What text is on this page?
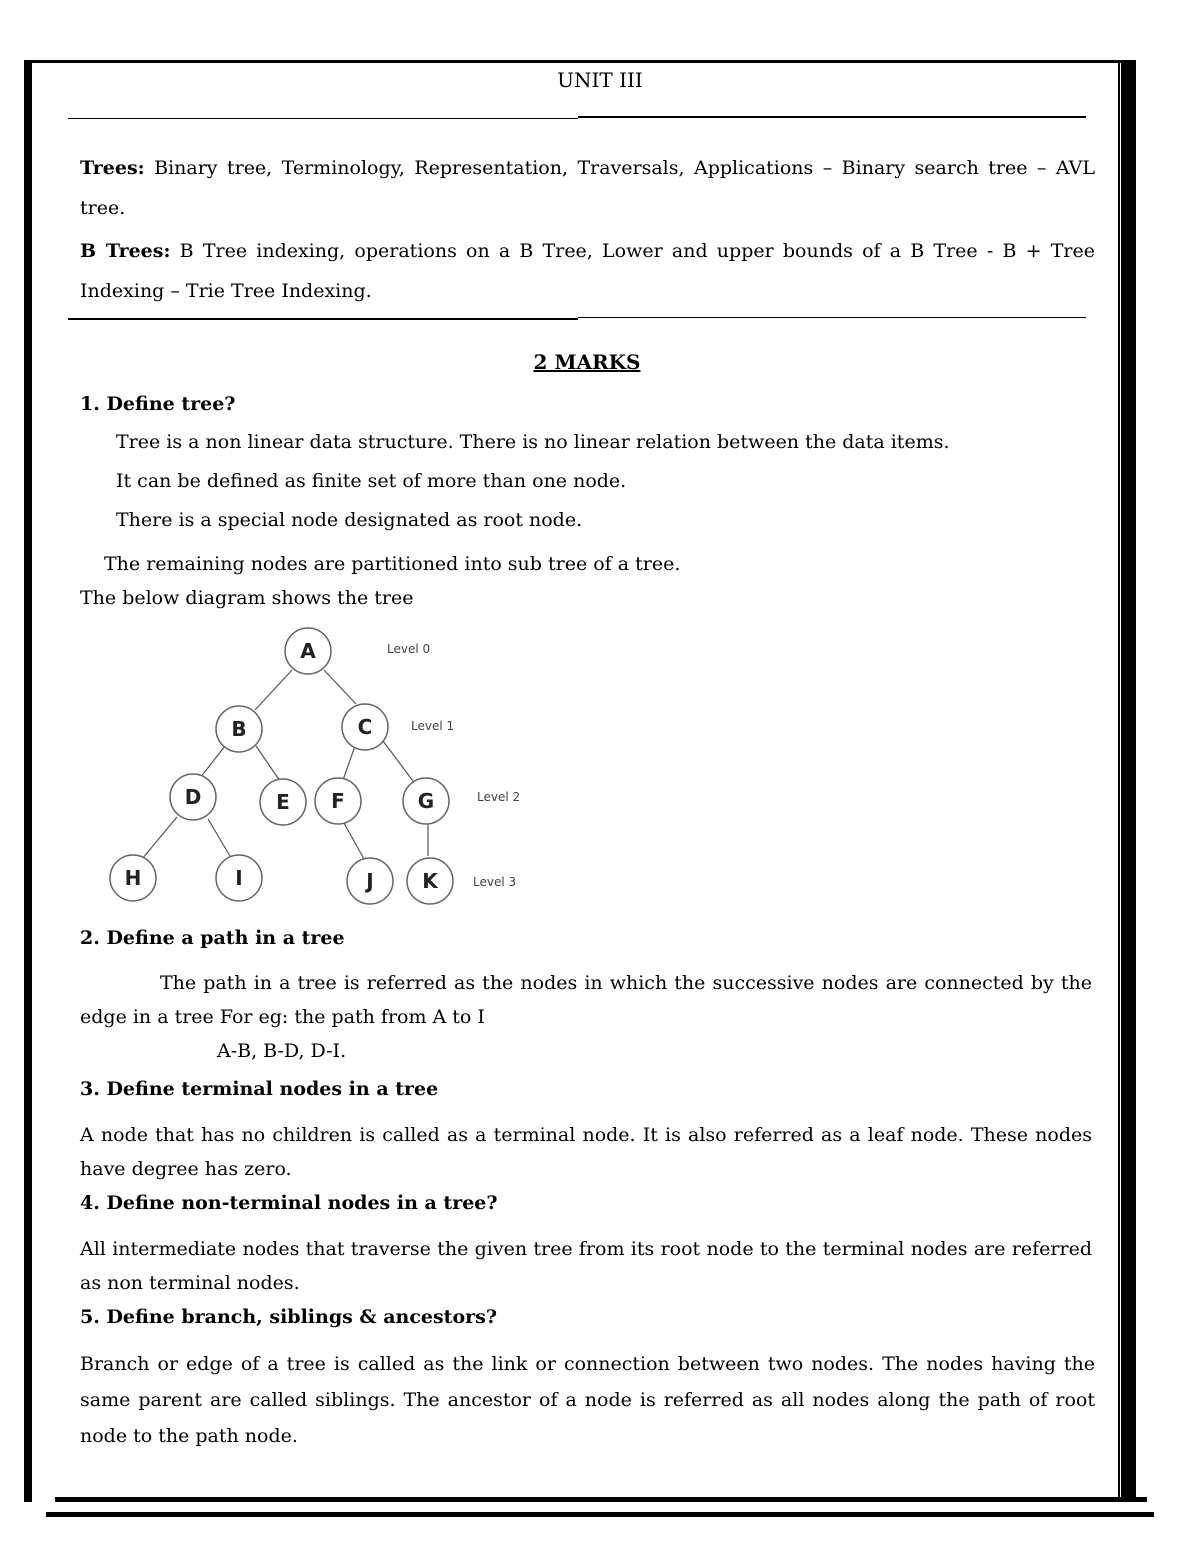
UNIT III
Trees: Binary tree, Terminology, Representation, Traversals, Applications – Binary search tree – AVL tree.
B Trees: B Tree indexing, operations on a B Tree, Lower and upper bounds of a B Tree - B + Tree Indexing – Trie Tree Indexing.
2 MARKS
1. Define tree?
Tree is a non linear data structure. There is no linear relation between the data items.
It can be defined as finite set of more than one node.
There is a special node designated as root node.
The remaining nodes are partitioned into sub tree of a tree.
The below diagram shows the tree
A
B	C
D	E F	G
H	I	J K
Level 0
Level 1
Level 2
Level 3
2. Define a path in a tree
The path in a tree is referred as the nodes in which the successive nodes are connected by the edge in a tree For eg: the path from A to I
A-B, B-D, D-I.
3. Define terminal nodes in a tree
A node that has no children is called as a terminal node. It is also referred as a leaf node. These nodes have degree has zero.
4. Define non-terminal nodes in a tree?
All intermediate nodes that traverse the given tree from its root node to the terminal nodes are referred as non terminal nodes.
5. Define branch, siblings & ancestors?
Branch or edge of a tree is called as the link or connection between two nodes. The nodes having the same parent are called siblings. The ancestor of a node is referred as all nodes along the path of root node to the path node.
